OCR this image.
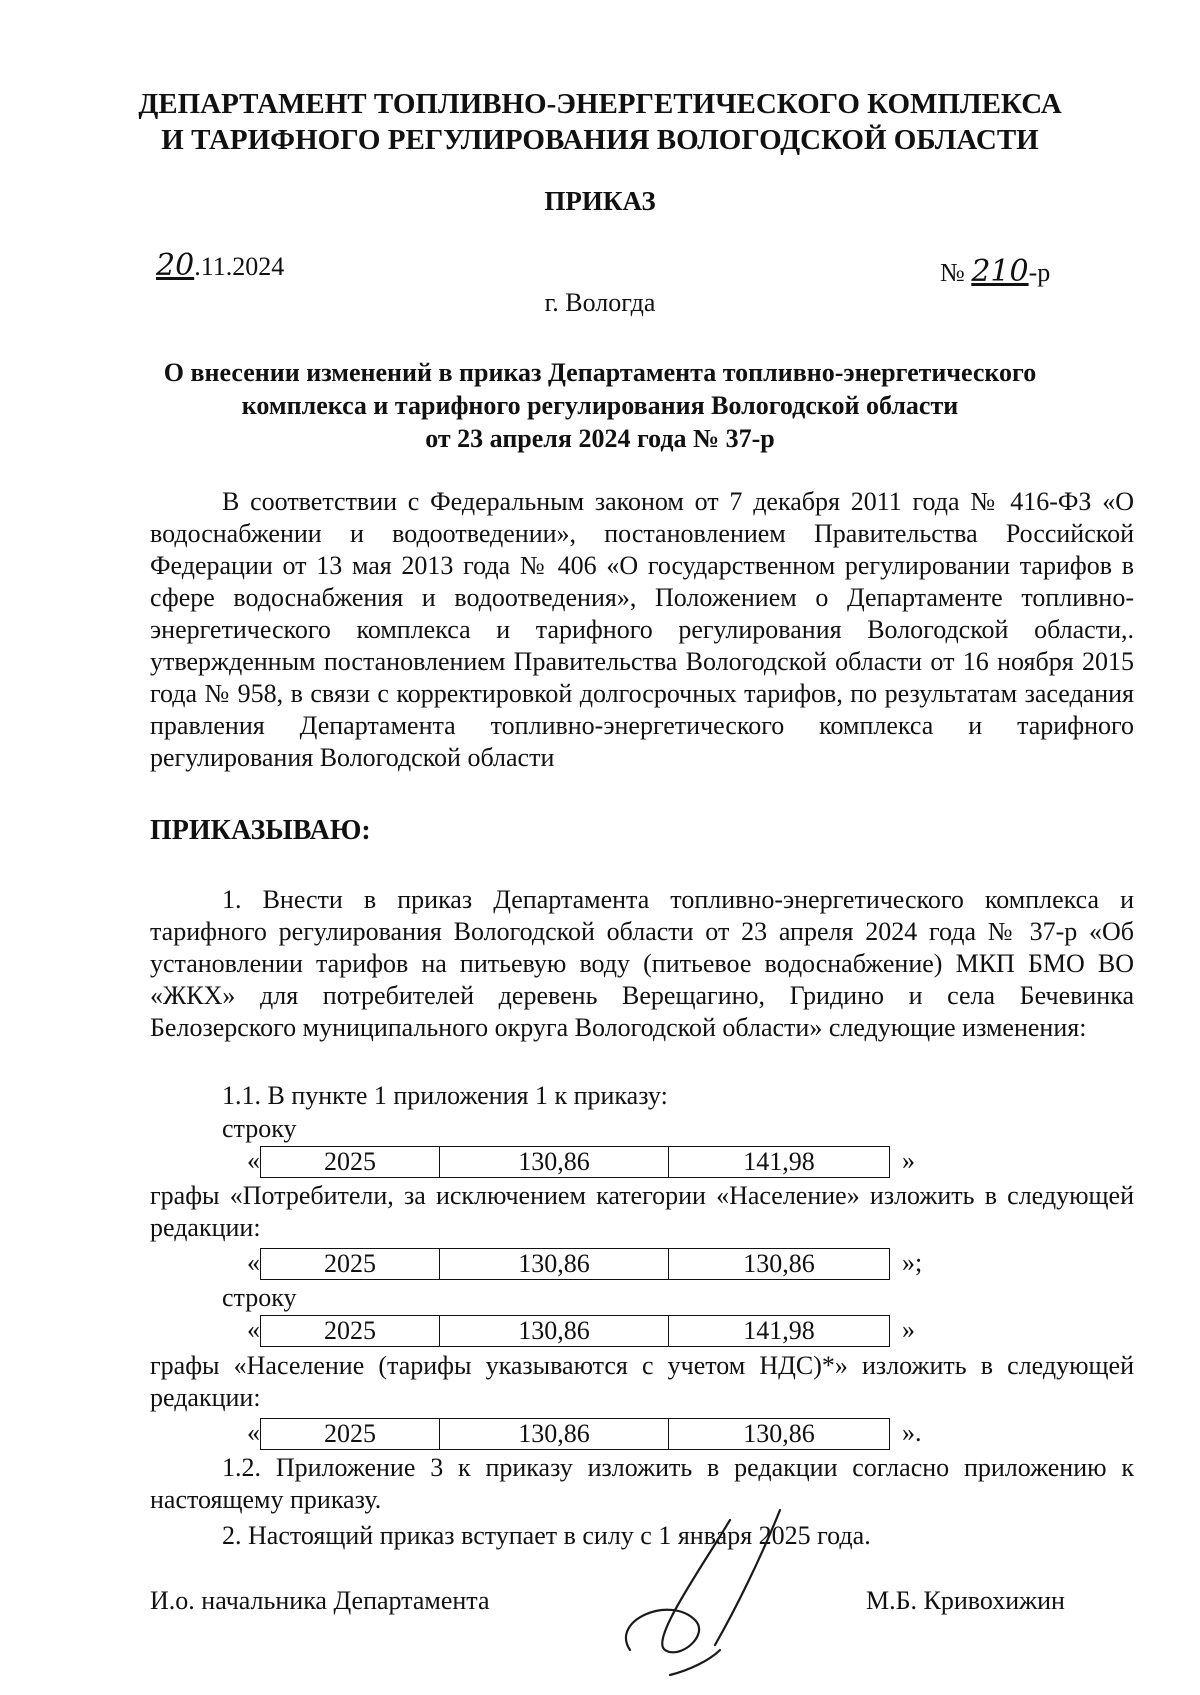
ДЕПАРТАМЕНТ ТОПЛИВНО-ЭНЕРГЕТИЧЕСКОГО КОМПЛЕКСА
И ТАРИФНОГО РЕГУЛИРОВАНИЯ ВОЛОГОДСКОЙ ОБЛАСТИ
ПРИКАЗ
20.11.2024	№ 210-р
г. Вологда
О внесении изменений в приказ Департамента топливно-энергетического
комплекса и тарифного регулирования Вологодской области
от 23 апреля 2024 года № 37-р
В соответствии с Федеральным законом от 7 декабря 2011 года № 416-ФЗ «О водоснабжении и водоотведении», постановлением Правительства Российской Федерации от 13 мая 2013 года № 406 «О государственном регулировании тарифов в сфере водоснабжения и водоотведения», Положением о Департаменте топливно-энергетического комплекса и тарифного регулирования Вологодской области,. утвержденным постановлением Правительства Вологодской области от 16 ноября 2015 года № 958, в связи с корректировкой долгосрочных тарифов, по результатам заседания правления Департамента топливно-энергетического комплекса и тарифного регулирования Вологодской области
ПРИКАЗЫВАЮ:
1. Внести в приказ Департамента топливно-энергетического комплекса и тарифного регулирования Вологодской области от 23 апреля 2024 года № 37-р «Об установлении тарифов на питьевую воду (питьевое водоснабжение) МКП БМО ВО «ЖКХ» для потребителей деревень Верещагино, Гридино и села Бечевинка Белозерского муниципального округа Вологодской области» следующие изменения:
1.1. В пункте 1 приложения 1 к приказу:
строку
«	2025	130,86	141,98	»
графы «Потребители, за исключением категории «Население» изложить в следующей редакции:
«	2025	130,86	130,86	»;
строку
«	2025	130,86	141,98	»
графы «Население (тарифы указываются с учетом НДС)*» изложить в следующей редакции:
«	2025	130,86	130,86	».
1.2. Приложение 3 к приказу изложить в редакции согласно приложению к настоящему приказу.
2. Настоящий приказ вступает в силу с 1 января 2025 года.
И.о. начальника Департамента	М.Б. Кривохижин
